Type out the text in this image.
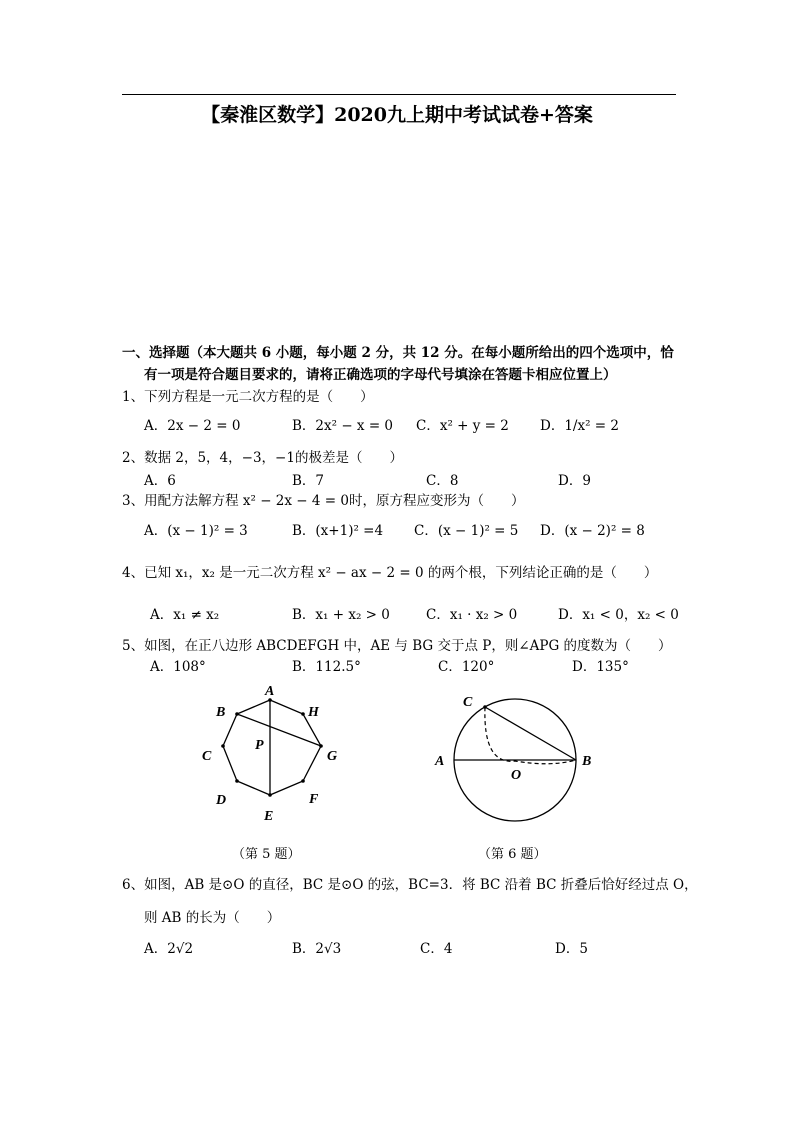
【秦淮区数学】2020九上期中考试试卷+答案
一、选择题（本大题共 6 小题，每小题 2 分，共 12 分。在每小题所给出的四个选项中，恰
有一项是符合题目要求的，请将正确选项的字母代号填涂在答题卡相应位置上）
1、下列方程是一元二次方程的是（　　）
A．2x − 2 = 0	B．2x² − x = 0 C．x² + y = 2 D．1/x² = 2
2、数据 2，5，4，−3，−1的极差是（　　）
A．6	B．7	C．8	D．9
3、用配方法解方程 x² − 2x − 4 = 0时，原方程应变形为（　　）
A．(x − 1)² = 3	B．(x+1)² =4 C．(x − 1)² = 5 D．(x − 2)² = 8
4、已知 x₁，x₂ 是一元二次方程 x² − ax − 2 = 0 的两个根，下列结论正确的是（　　）
A．x₁ ≠ x₂	B．x₁ + x₂ > 0	C．x₁ · x₂ > 0	D．x₁ < 0，x₂ < 0
5、如图，在正八边形 ABCDEFGH 中，AE 与 BG 交于点 P，则∠APG 的度数为（　　）
A．108°	B．112.5°	C．120°	D．135°
A
H
G
F
E
D
C
B
P
C
A	B
O
（第 5 题）	（第 6 题）
6、如图，AB 是⊙O 的直径，BC 是⊙O 的弦，BC=3．将 BC 沿着 BC 折叠后恰好经过点 O，
则 AB 的长为（　　）
A．2√2	B．2√3	C．4	D．5
